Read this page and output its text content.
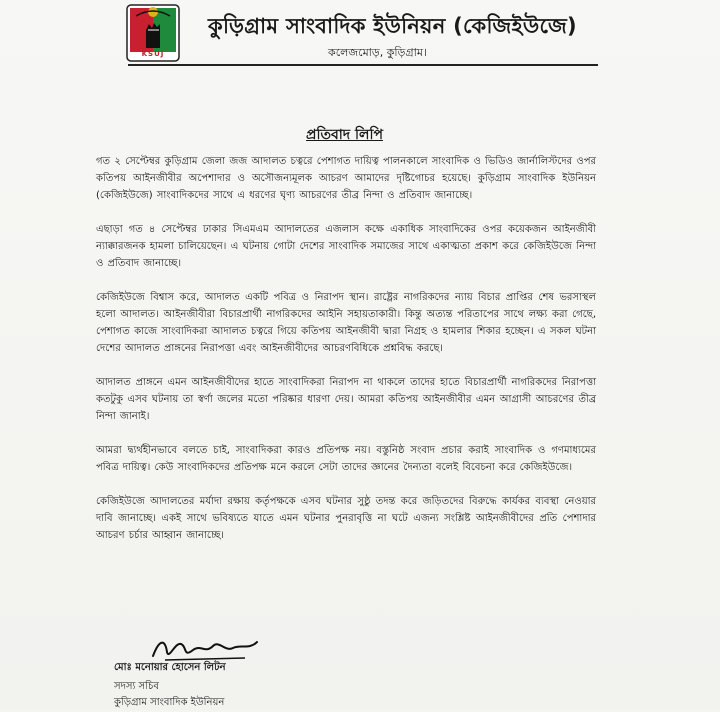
KSUJ
কুড়িগ্রাম সাংবাদিক ইউনিয়ন (কেজিইউজে)
কলেজমোড়, কুড়িগ্রাম।
প্রতিবাদ লিপি

গত ২ সেপ্টেম্বর কুড়িগ্রাম জেলা জজ আদালত চত্বরে পেশাগত দায়িত্ব পালনকালে সাংবাদিক ও ভিডিও জার্নালিস্টদের ওপর কতিপয় আইনজীবীর অপেশাদার ও অসৌজন্যমূলক আচরণ আমাদের দৃষ্টিগোচর হয়েছে। কুড়িগ্রাম সাংবাদিক ইউনিয়ন (কেজিইউজে) সাংবাদিকদের সাথে এ ধরণের ঘৃণ্য আচরণের তীব্র নিন্দা ও প্রতিবাদ জানাচ্ছে।

এছাড়া গত ৪ সেপ্টেম্বর ঢাকার সিএমএম আদালতের এজলাস কক্ষে একাধিক সাংবাদিকের ওপর কয়েকজন আইনজীবী ন্যাক্কারজনক হামলা চালিয়েছেন। এ ঘটনায় গোটা দেশের সাংবাদিক সমাজের সাথে একাত্মতা প্রকাশ করে কেজিইউজে নিন্দা ও প্রতিবাদ জানাচ্ছে।

কেজিইউজে বিশ্বাস করে, আদালত একটি পবিত্র ও নিরাপদ স্থান। রাষ্ট্রের নাগরিকদের ন্যায় বিচার প্রাপ্তির শেষ ভরসাস্থল হলো আদালত। আইনজীবীরা বিচারপ্রার্থী নাগরিকদের আইনি সহায়তাকারী। কিন্তু অত্যন্ত পরিতাপের সাথে লক্ষ্য করা গেছে, পেশাগত কাজে সাংবাদিকরা আদালত চত্বরে গিয়ে কতিপয় আইনজীবী দ্বারা নিগ্রহ ও হামলার শিকার হচ্ছেন। এ সকল ঘটনা দেশের আদালত প্রাঙ্গনের নিরাপত্তা এবং আইনজীবীদের আচরণবিধিকে প্রশ্নবিদ্ধ করছে।

আদালত প্রাঙ্গনে এমন আইনজীবীদের হাতে সাংবাদিকরা নিরাপদ না থাকলে তাদের হাতে বিচারপ্রার্থী নাগরিকদের নিরাপত্তা কতটুকু এসব ঘটনায় তা স্বর্ণা জলের মতো পরিষ্কার ধারণা দেয়। আমরা কতিপয় আইনজীবীর এমন আগ্রাসী আচরণের তীব্র নিন্দা জানাই।

আমরা দ্ব্যর্থহীনভাবে বলতে চাই, সাংবাদিকরা কারও প্রতিপক্ষ নয়। বস্তুনিষ্ঠ সংবাদ প্রচার করাই সাংবাদিক ও গণমাধ্যমের পবিত্র দায়িত্ব। কেউ সাংবাদিকদের প্রতিপক্ষ মনে করলে সেটা তাদের জ্ঞানের দৈন্যতা বলেই বিবেচনা করে কেজিইউজে।

কেজিইউজে আদালতের মর্যাদা রক্ষায় কর্তৃপক্ষকে এসব ঘটনার সুষ্ঠু তদন্ত করে জড়িতদের বিরুদ্ধে কার্যকর ব্যবস্থা নেওয়ার দাবি জানাচ্ছে। একই সাথে ভবিষ্যতে যাতে এমন ঘটনার পুনরাবৃত্তি না ঘটে এজন্য সংশ্লিষ্ট আইনজীবীদের প্রতি পেশাদার আচরণ চর্চার আহ্বান জানাচ্ছে।

মোঃ মনোয়ার হোসেন লিটন
সদস্য সচিব
কুড়িগ্রাম সাংবাদিক ইউনিয়ন
